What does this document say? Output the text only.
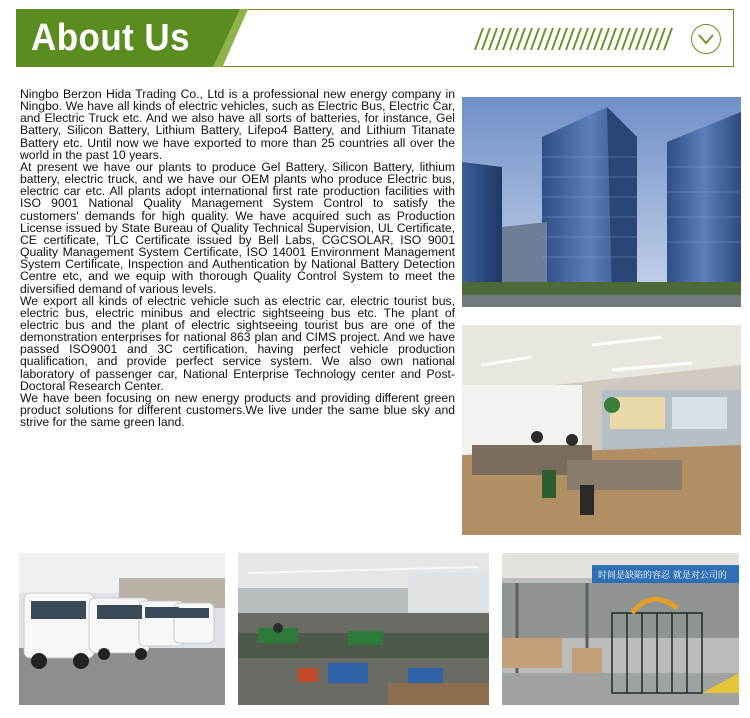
About Us

Ningbo Berzon Hida Trading Co., Ltd is a professional new energy company in Ningbo. We have all kinds of electric vehicles, such as Electric Bus, Electric Car, and Electric Truck etc. And we also have all sorts of batteries, for instance, Gel Battery, Silicon Battery, Lithium Battery, Lifepo4 Battery, and Lithium Titanate Battery etc. Until now we have exported to more than 25 countries all over the world in the past 10 years.

At present we have our plants to produce Gel Battery, Silicon Battery, lithium battery, electric truck, and we have our OEM plants who produce Electric bus, electric car etc. All plants adopt international first rate production facilities with ISO 9001 National Quality Management System Control to satisfy the customers' demands for high quality. We have acquired such as Production License issued by State Bureau of Quality Technical Supervision, UL Certificate, CE certificate, TLC Certificate issued by Bell Labs, CGCSOLAR, ISO 9001 Quality Management System Certificate, ISO 14001 Environment Management System Certificate, Inspection and Authentication by National Battery Detection Centre etc, and we equip with thorough Quality Control System to meet the diversified demand of various levels.

We export all kinds of electric vehicle such as electric car, electric tourist bus, electric bus, electric minibus and electric sightseeing bus etc. The plant of electric bus and the plant of electric sightseeing tourist bus are one of the demonstration enterprises for national 863 plan and CIMS project. And we have passed ISO9001 and 3C certification, having perfect vehicle production qualification, and provide perfect service system. We also own national laboratory of passenger car, National Enterprise Technology center and Post-Doctoral Research Center.

We have been focusing on new energy products and providing different green product solutions for different customers.We live under the same blue sky and strive for the same green land.

时间是缺陷的容忍 就是对公司的
